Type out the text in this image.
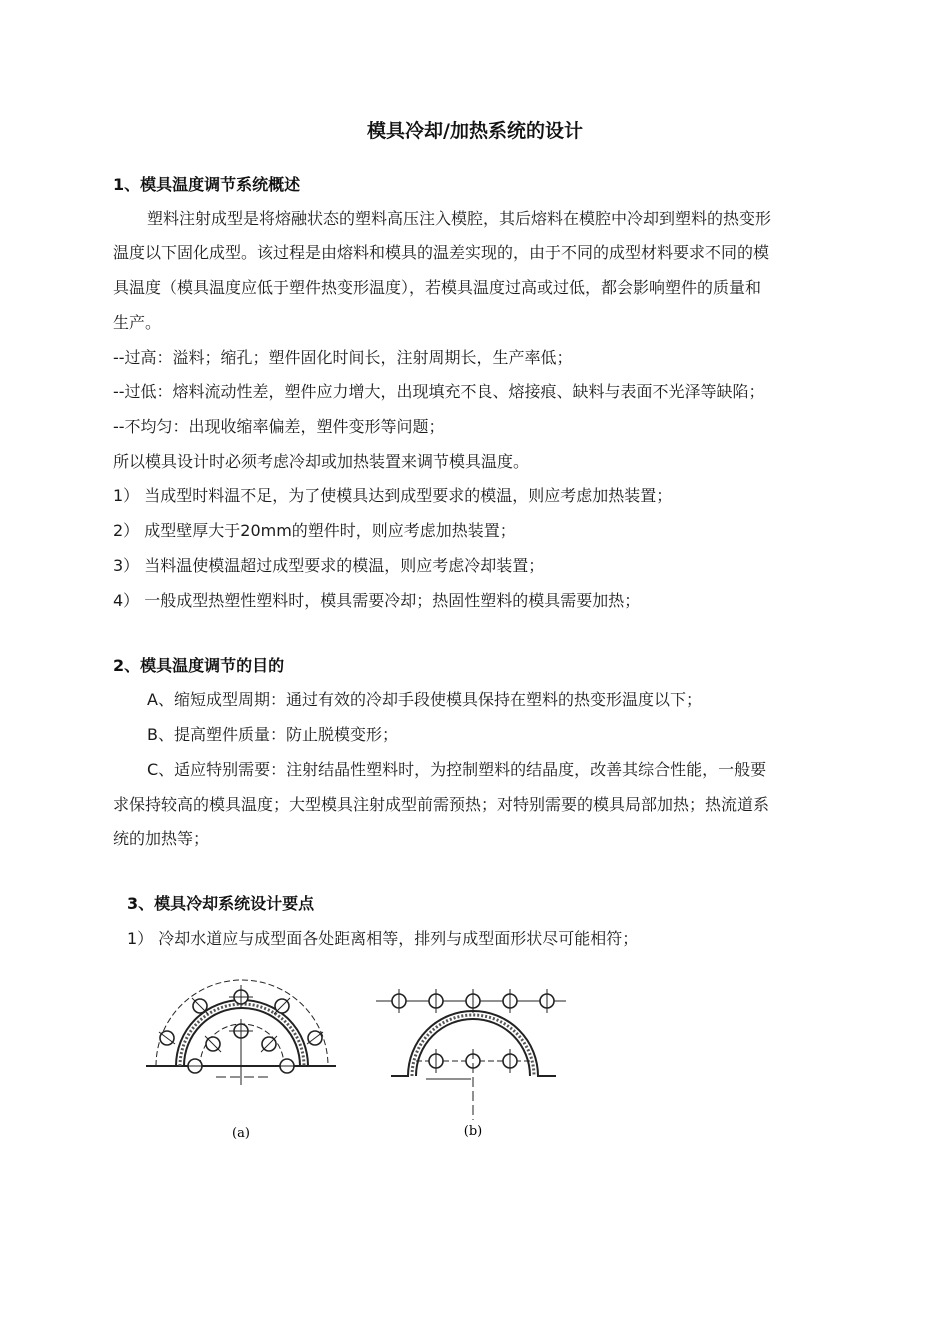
模具冷却/加热系统的设计
1、模具温度调节系统概述
塑料注射成型是将熔融状态的塑料高压注入模腔，其后熔料在模腔中冷却到塑料的热变形
温度以下固化成型。该过程是由熔料和模具的温差实现的，由于不同的成型材料要求不同的模
具温度（模具温度应低于塑件热变形温度），若模具温度过高或过低，都会影响塑件的质量和
生产。
--过高：溢料；缩孔；塑件固化时间长，注射周期长，生产率低；
--过低：熔料流动性差，塑件应力增大，出现填充不良、熔接痕、缺料与表面不光泽等缺陷；
--不均匀：出现收缩率偏差，塑件变形等问题；
所以模具设计时必须考虑冷却或加热装置来调节模具温度。
1） 当成型时料温不足，为了使模具达到成型要求的模温，则应考虑加热装置；
2） 成型壁厚大于20mm的塑件时，则应考虑加热装置；
3） 当料温使模温超过成型要求的模温，则应考虑冷却装置；
4） 一般成型热塑性塑料时，模具需要冷却；热固性塑料的模具需要加热；
2、模具温度调节的目的
A、缩短成型周期：通过有效的冷却手段使模具保持在塑料的热变形温度以下；
B、提高塑件质量：防止脱模变形；
C、适应特别需要：注射结晶性塑料时，为控制塑料的结晶度，改善其综合性能，一般要
求保持较高的模具温度；大型模具注射成型前需预热；对特别需要的模具局部加热；热流道系
统的加热等；
3、模具冷却系统设计要点
1） 冷却水道应与成型面各处距离相等，排列与成型面形状尽可能相符；
(a)	(b)
